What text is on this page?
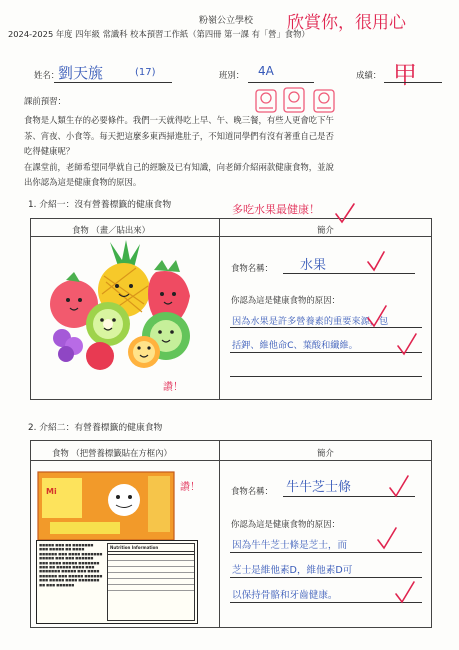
粉嶺公立學校 欣賞你，很用心
2024-2025 年度 四年級 常識科 校本預習工作紙（第四冊 第一課 有「營」食物）
姓名：
劉天旐	(17)	班別： 4A	成績： 甲
課前預習：
食物是人類生存的必要條件。我們一天就得吃上早、午、晚三餐，有些人更會吃下午
茶、宵夜、小食等。每天把這麼多東西掃進肚子，不知道同學們有沒有著重自己是否
吃得健康呢？
在課堂前，老師希望同學就自己的經驗及已有知識，向老師介紹兩款健康食物，並說
出你認為這是健康食物的原因。
1. 介紹一：沒有營養標籤的健康食物	多吃水果最健康！
食物 （畫／貼出來）	簡介
讚！
食物名稱： 水果
你認為這是健康食物的原因：
因為水果是許多營養素的重要來源，包
括鉀、維他命C、葉酸和纖維。
2. 介紹二：有營養標籤的健康食物
食物 （把營養標籤貼在方框內）	簡介
Mi	讚！
■■■■■ ■■■ ■■ ■■■■■■■ ■■■ ■■■■■ ■■ ■■■■ ■■■■■■ ■■■ ■■■■ ■■■■■■■ ■■■■■ ■■■ ■■■ ■■■■■■ ■■■ ■■■■ ■■■■■ ■■■■■■■ ■■■ ■■ ■■■■■ ■■■■ ■■■ ■■■■■■■ ■■■■■ ■■■ ■■■■ ■■■■■■ ■■■ ■■■■■ ■■■■■■ ■■■ ■■■■■ ■■■■ ■■■■■■■ ■■ ■■■ ■■■■■■
Nutrition Information
食物名稱： 牛牛芝士條
你認為這是健康食物的原因：
因為牛牛芝士條是芝士，而
芝士是維他素D，維他素D可
以保持骨骼和牙齒健康。
